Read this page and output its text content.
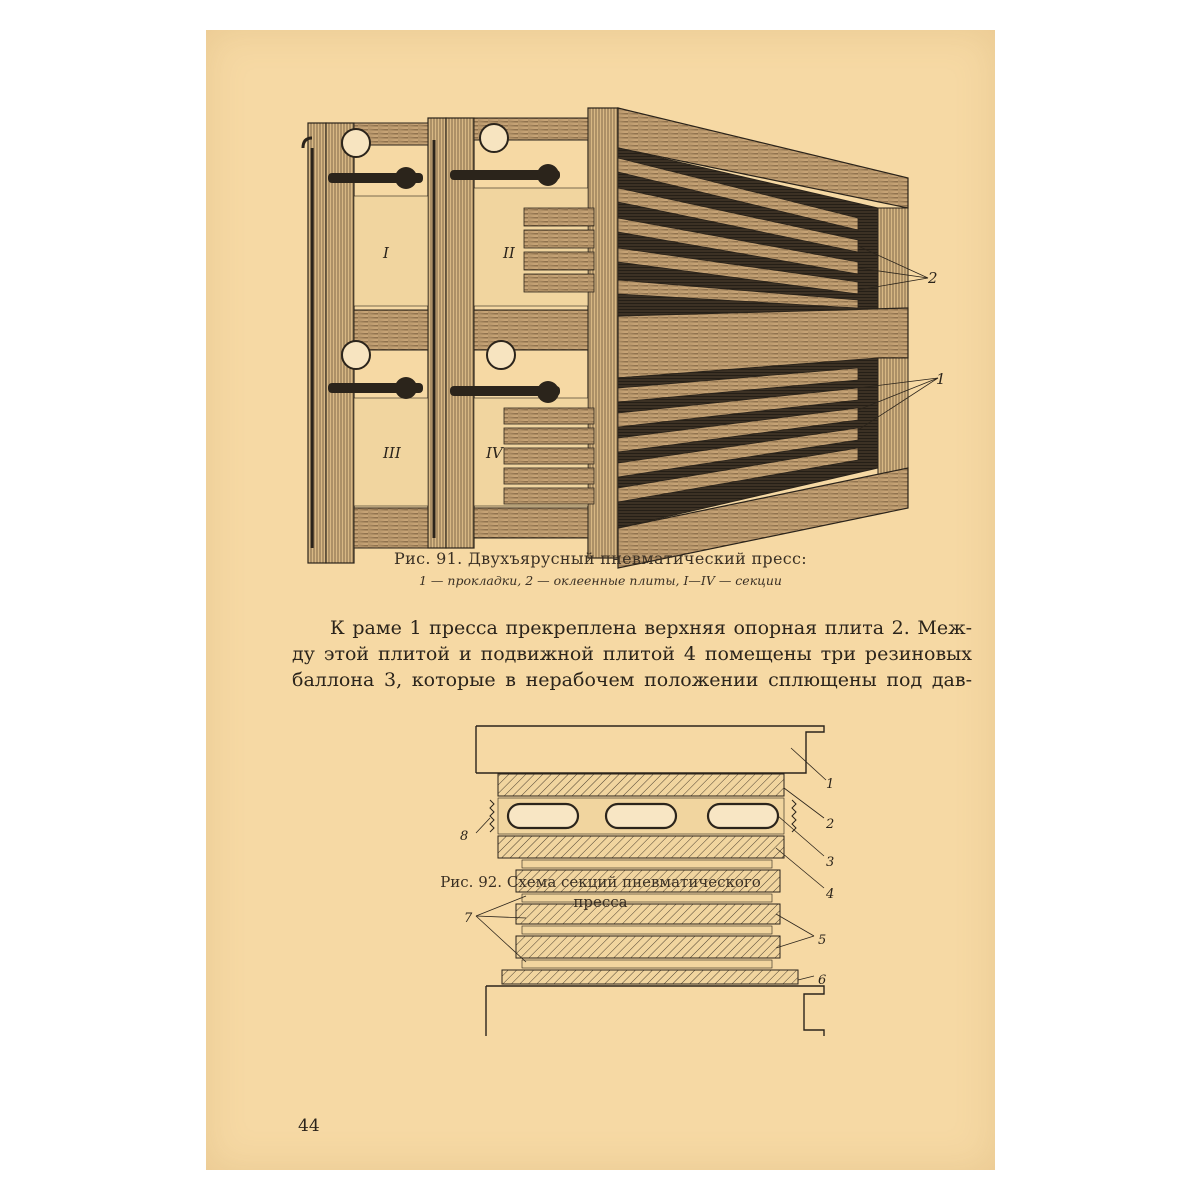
I	II
III	IV
2
1
Рис. 91. Двухъярусный пневматический пресс:
1 — прокладки, 2 — оклеенные плиты, I—IV — секции

К раме 1 пресса прекреплена верхняя опорная плита 2. Меж-

ду этой плитой и подвижной плитой 4 помещены три резиновых

баллона 3, которые в нерабочем положении сплющены под дав-

1
2
3
4
5
6
7
8
Рис. 92. Схема секций пневматического
пресса
44
